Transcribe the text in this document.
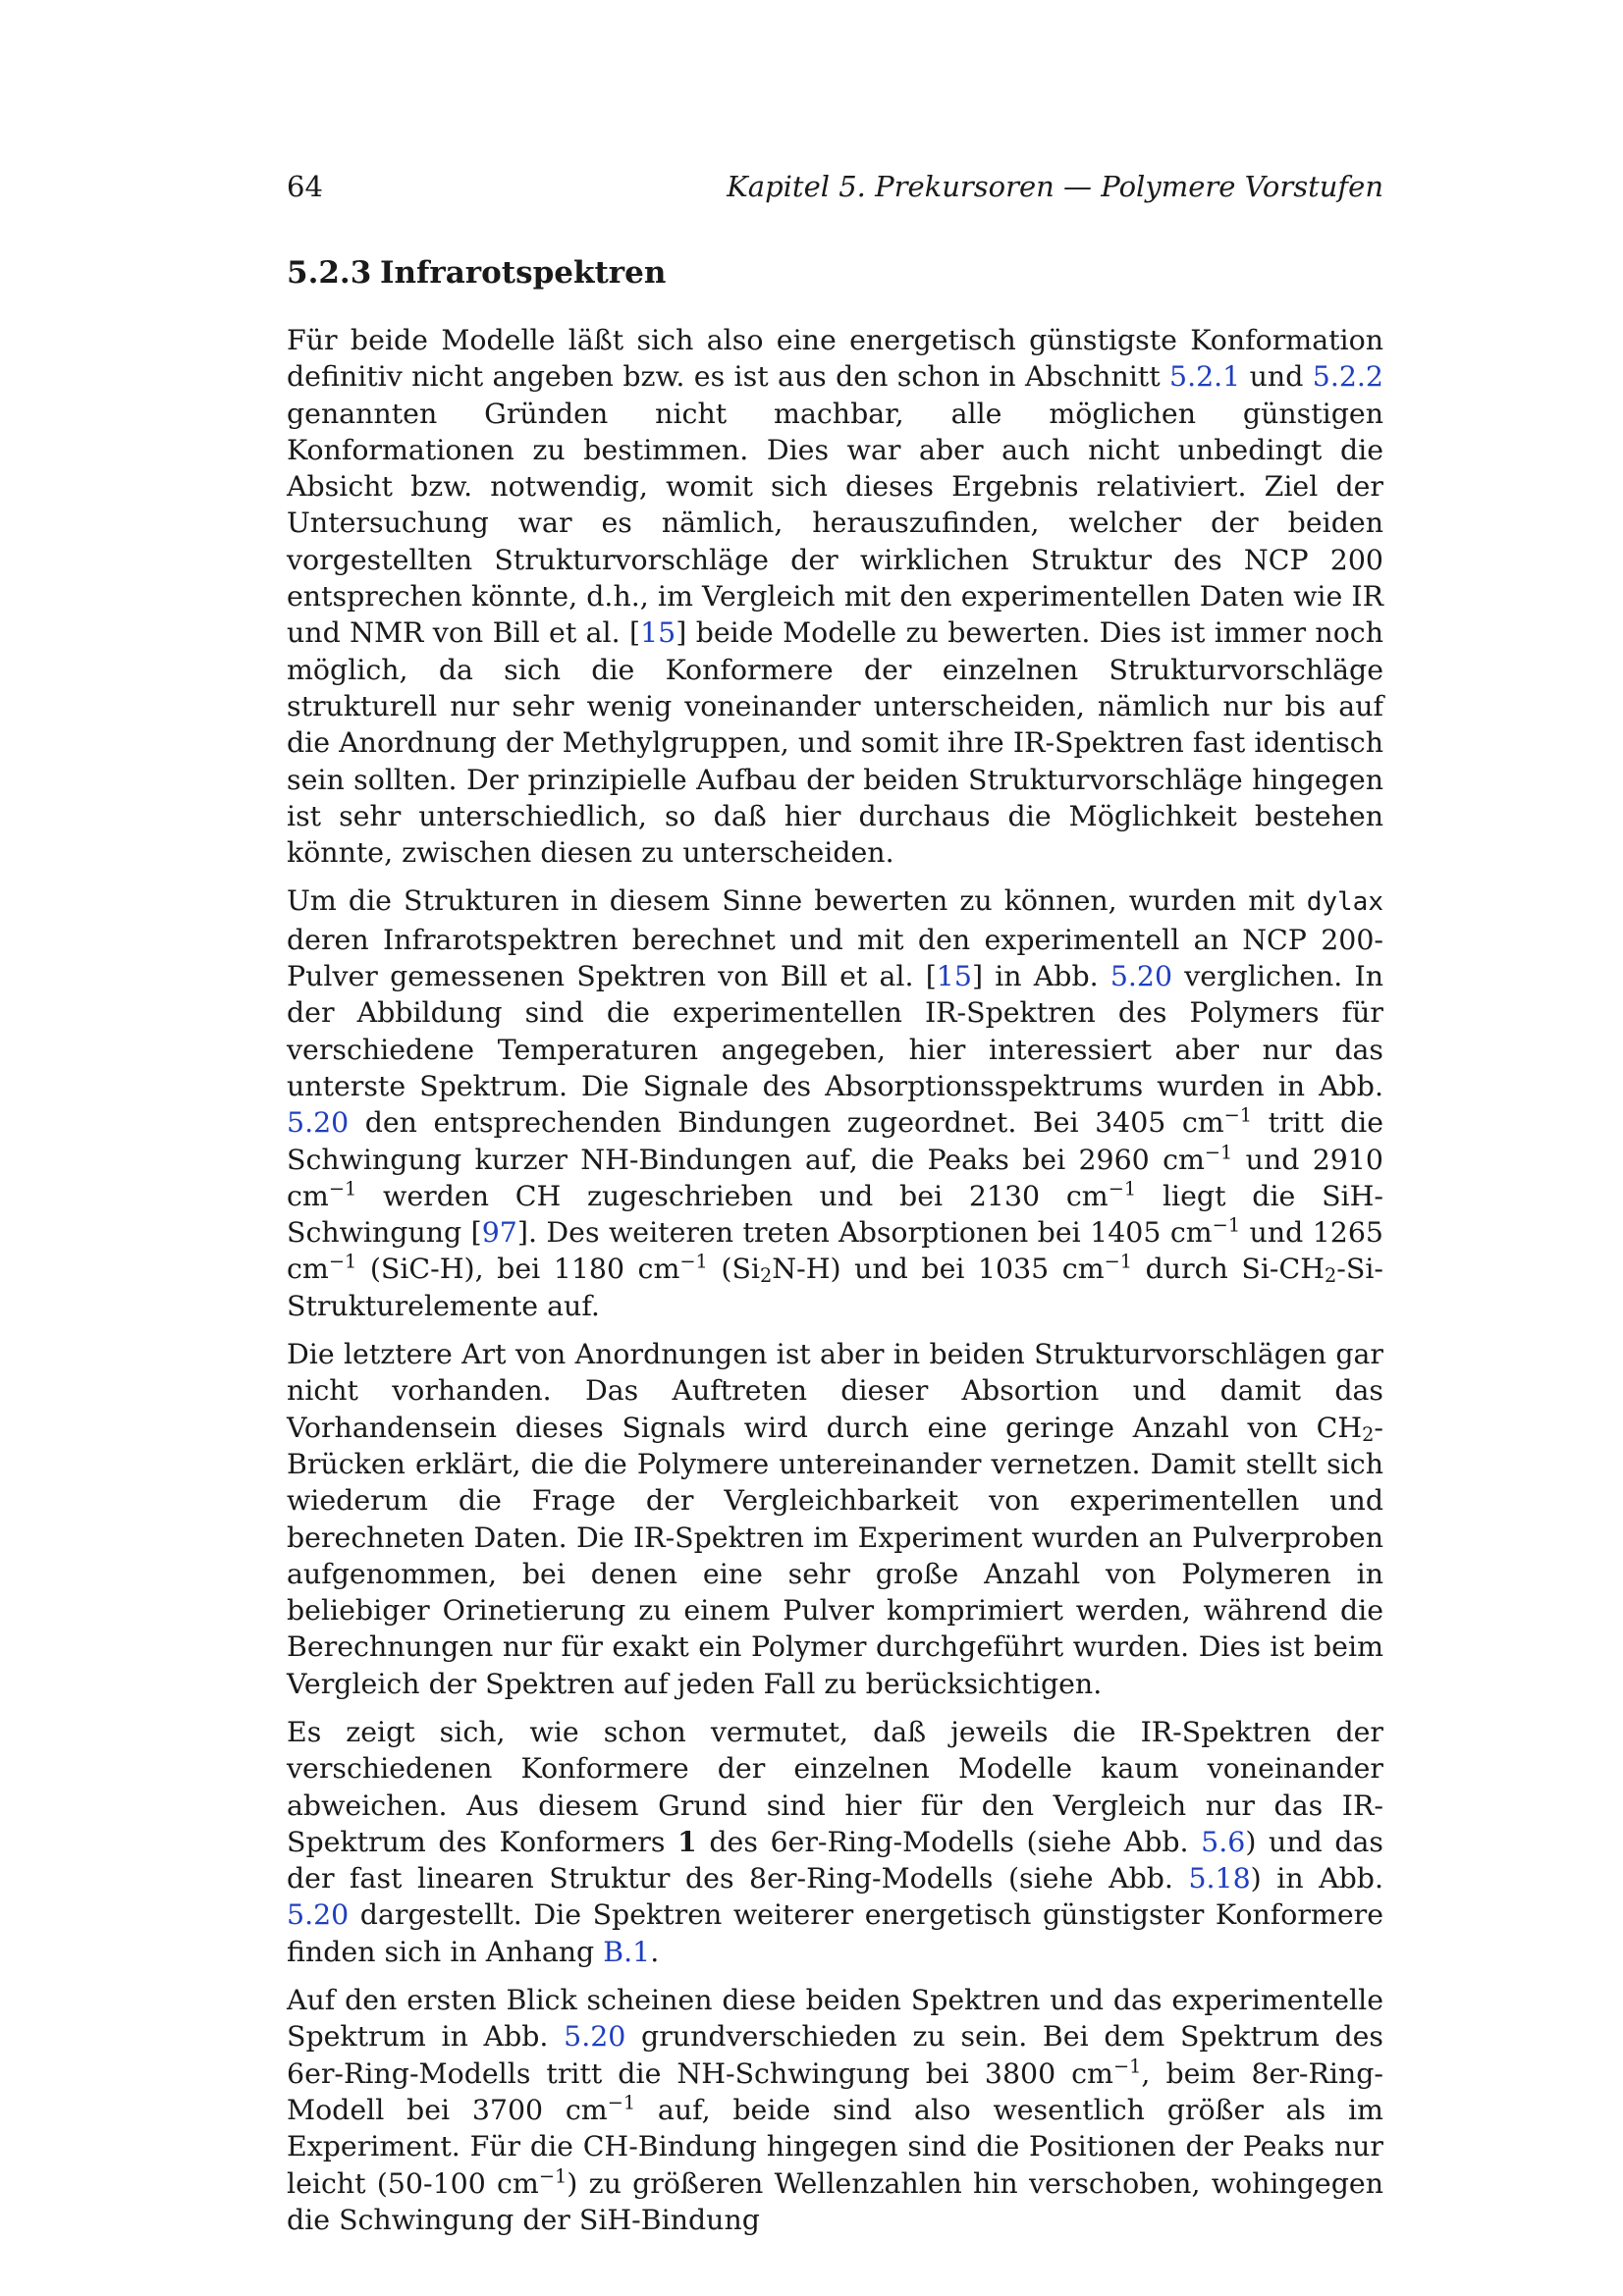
64	Kapitel 5. Prekursoren — Polymere Vorstufen
5.2.3 Infrarotspektren

Für beide Modelle läßt sich also eine energetisch günstigste Konformation definitiv nicht angeben bzw. es ist aus den schon in Abschnitt 5.2.1 und 5.2.2 genannten Gründen nicht machbar, alle möglichen günstigen Konformationen zu bestimmen. Dies war aber auch nicht unbedingt die Absicht bzw. notwendig, womit sich dieses Ergebnis relativiert. Ziel der Untersuchung war es nämlich, herauszufinden, welcher der beiden vorgestellten Strukturvorschläge der wirklichen Struktur des NCP 200 entsprechen könnte, d.h., im Vergleich mit den experimentellen Daten wie IR und NMR von Bill et al. [15] beide Modelle zu bewerten. Dies ist immer noch möglich, da sich die Konformere der einzelnen Strukturvorschläge strukturell nur sehr wenig voneinander unterscheiden, nämlich nur bis auf die Anordnung der Methylgruppen, und somit ihre IR-Spektren fast identisch sein sollten. Der prinzipielle Aufbau der beiden Strukturvorschläge hingegen ist sehr unterschiedlich, so daß hier durchaus die Möglichkeit bestehen könnte, zwischen diesen zu unterscheiden.

Um die Strukturen in diesem Sinne bewerten zu können, wurden mit dylax deren Infrarotspektren berechnet und mit den experimentell an NCP 200-Pulver gemessenen Spektren von Bill et al. [15] in Abb. 5.20 verglichen. In der Abbildung sind die experimentellen IR-Spektren des Polymers für verschiedene Temperaturen angegeben, hier interessiert aber nur das unterste Spektrum. Die Signale des Absorptionsspektrums wurden in Abb. 5.20 den entsprechenden Bindungen zugeordnet. Bei 3405 $cm^{-1}$ tritt die Schwingung kurzer NH-Bindungen auf, die Peaks bei 2960 $cm^{-1}$ und 2910 $cm^{-1}$ werden CH zugeschrieben und bei 2130 $cm^{-1}$ liegt die SiH-Schwingung [97]. Des weiteren treten Absorptionen bei 1405 $cm^{-1}$ und 1265 $cm^{-1}$ (SiC-H), bei 1180 $cm^{-1}$ $(Si_2N-H)$ und bei 1035 $cm^{-1}$ durch $Si-CH_2-Si$-Strukturelemente auf.

Die letztere Art von Anordnungen ist aber in beiden Strukturvorschlägen gar nicht vorhanden. Das Auftreten dieser Absortion und damit das Vorhandensein dieses Signals wird durch eine geringe Anzahl von $CH_2$-Brücken erklärt, die die Polymere untereinander vernetzen. Damit stellt sich wiederum die Frage der Vergleichbarkeit von experimentellen und berechneten Daten. Die IR-Spektren im Experiment wurden an Pulverproben aufgenommen, bei denen eine sehr große Anzahl von Polymeren in beliebiger Orinetierung zu einem Pulver komprimiert werden, während die Berechnungen nur für exakt ein Polymer durchgeführt wurden. Dies ist beim Vergleich der Spektren auf jeden Fall zu berücksichtigen.

Es zeigt sich, wie schon vermutet, daß jeweils die IR-Spektren der verschiedenen Konformere der einzelnen Modelle kaum voneinander abweichen. Aus diesem Grund sind hier für den Vergleich nur das IR-Spektrum des Konformers 1 des 6er-Ring-Modells (siehe Abb. 5.6) und das der fast linearen Struktur des 8er-Ring-Modells (siehe Abb. 5.18) in Abb. 5.20 dargestellt. Die Spektren weiterer energetisch günstigster Konformere finden sich in Anhang B.1.

Auf den ersten Blick scheinen diese beiden Spektren und das experimentelle Spektrum in Abb. 5.20 grundverschieden zu sein. Bei dem Spektrum des 6er-Ring-Modells tritt die NH-Schwingung bei 3800 $cm^{-1}$, beim 8er-Ring-Modell bei 3700 $cm^{-1}$ auf, beide sind also wesentlich größer als im Experiment. Für die CH-Bindung hingegen sind die Positionen der Peaks nur leicht (50-100 $cm^{-1}$) zu größeren Wellenzahlen hin verschoben, wohingegen die Schwingung der SiH-Bindung
